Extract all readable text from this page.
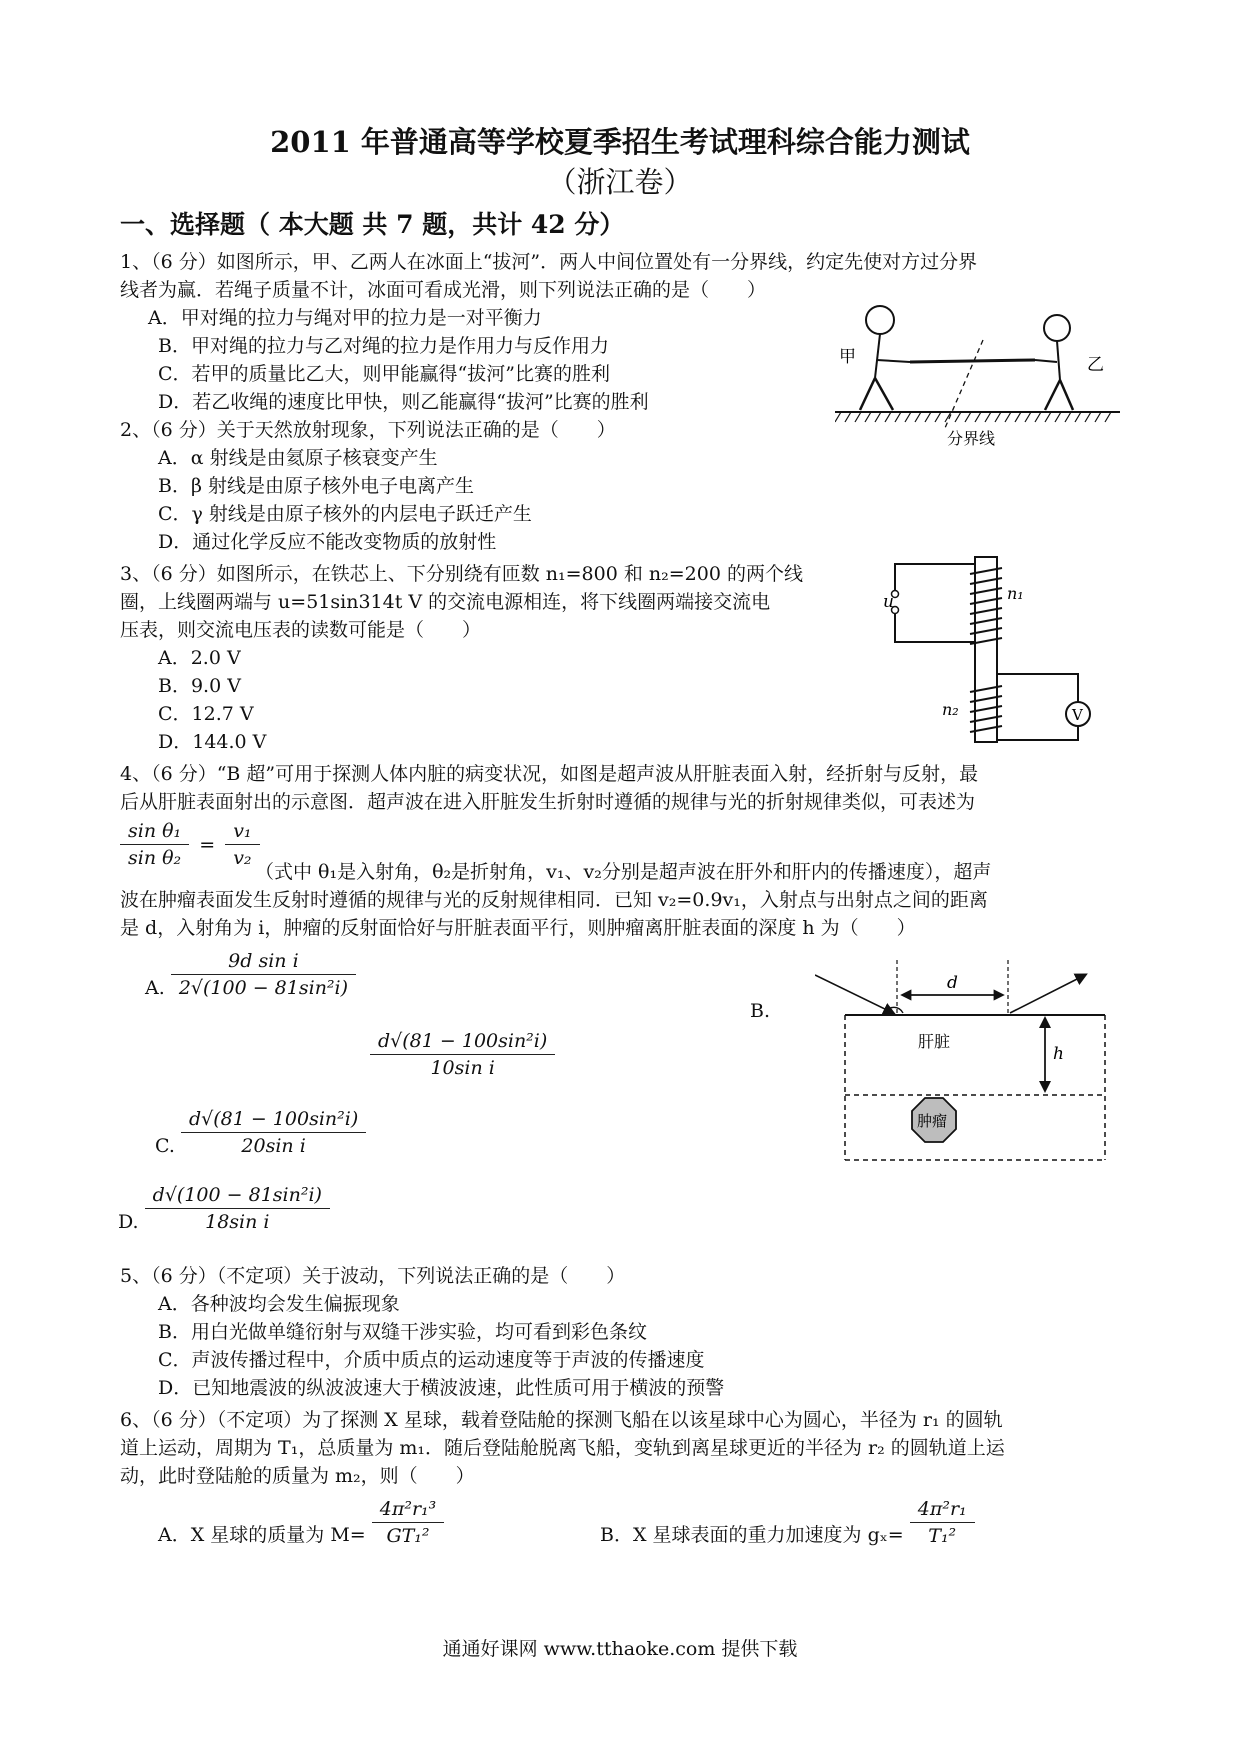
2011 年普通高等学校夏季招生考试理科综合能力测试
（浙江卷）
一、选择题（ 本大题 共 7 题，共计 42 分）
1、（6 分）如图所示，甲、乙两人在冰面上“拔河”．两人中间位置处有一分界线，约定先使对方过分界
线者为赢．若绳子质量不计，冰面可看成光滑，则下列说法正确的是（　　）
A．甲对绳的拉力与绳对甲的拉力是一对平衡力
B．甲对绳的拉力与乙对绳的拉力是作用力与反作用力
C．若甲的质量比乙大，则甲能赢得“拔河”比赛的胜利
D．若乙收绳的速度比甲快，则乙能赢得“拔河”比赛的胜利
甲	乙
分界线
2、（6 分）关于天然放射现象，下列说法正确的是（　　）
A．α 射线是由氦原子核衰变产生
B．β 射线是由原子核外电子电离产生
C．γ 射线是由原子核外的内层电子跃迁产生
D．通过化学反应不能改变物质的放射性
3、（6 分）如图所示，在铁芯上、下分别绕有匝数 n₁=800 和 n₂=200 的两个线
圈，上线圈两端与 u=51sin314t V 的交流电源相连，将下线圈两端接交流电
压表，则交流电压表的读数可能是（　　）
A．2.0 V
B．9.0 V
C．12.7 V
D．144.0 V
u	n₁
n₂	V
4、（6 分）“B 超”可用于探测人体内脏的病变状况，如图是超声波从肝脏表面入射，经折射与反射，最
后从肝脏表面射出的示意图．超声波在进入肝脏发生折射时遵循的规律与光的折射规律类似，可表述为
$\frac{\text{sin θ₁}}{\text{sin θ₂}} = \frac{\text{v₁}}{\text{v₂}}$
（式中 θ₁是入射角，θ₂是折射角，v₁、v₂分别是超声波在肝外和肝内的传播速度），超声
波在肿瘤表面发生反射时遵循的规律与光的反射规律相同．已知 v₂=0.9v₁，入射点与出射点之间的距离
是 d，入射角为 i，肿瘤的反射面恰好与肝脏表面平行，则肿瘤离肝脏表面的深度 h 为（　　）
A. $\frac{\text{9d sin i}}{\text{2√(100 − 81sin²i)}}$
B.
$\frac{\text{d√(81 − 100sin²i)}}{\text{10sin i}}$
C. $\frac{\text{d√(81 − 100sin²i)}}{\text{20sin i}}$
D. $\frac{\text{d√(100 − 81sin²i)}}{\text{18sin i}}$
d
h
肝脏
肿瘤
5、（6 分）（不定项）关于波动，下列说法正确的是（　　）
A．各种波均会发生偏振现象
B．用白光做单缝衍射与双缝干涉实验，均可看到彩色条纹
C．声波传播过程中，介质中质点的运动速度等于声波的传播速度
D．已知地震波的纵波波速大于横波波速，此性质可用于横波的预警
6、（6 分）（不定项）为了探测 X 星球，载着登陆舱的探测飞船在以该星球中心为圆心，半径为 r₁ 的圆轨
道上运动，周期为 T₁，总质量为 m₁．随后登陆舱脱离飞船，变轨到离星球更近的半径为 r₂ 的圆轨道上运
动，此时登陆舱的质量为 m₂，则（　　）
A．X 星球的质量为 $M= \frac{\text{4π²r₁³}}{\text{GT₁²}}$	B．X 星球表面的重力加速度为 $g_x= \frac{\text{4π²r₁}}{\text{T₁²}}$
通通好课网 www.tthaoke.com 提供下载
